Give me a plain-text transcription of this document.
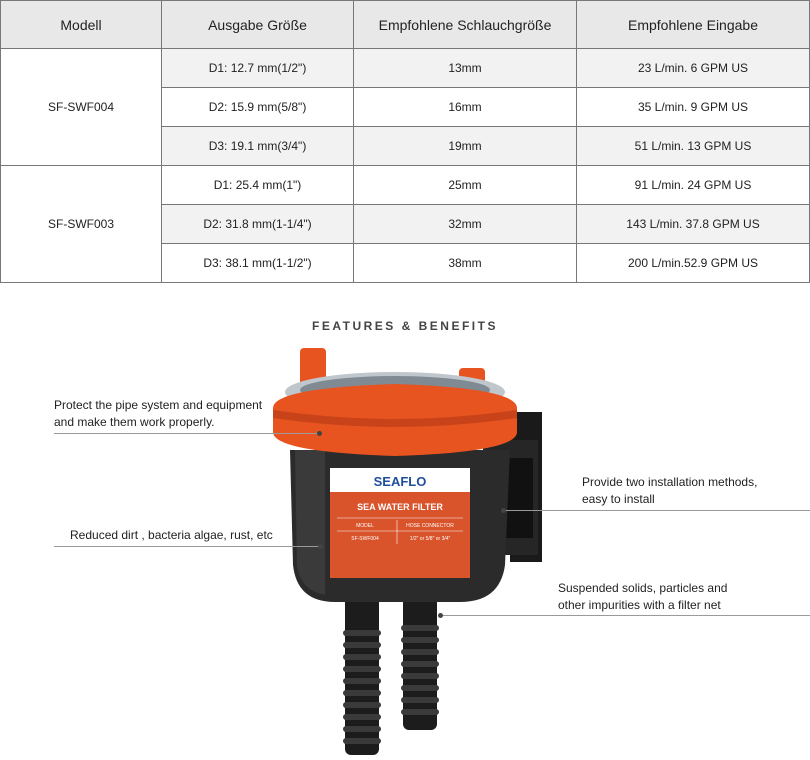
Modell	Ausgabe Größe	Empfohlene Schlauchgröße	Empfohlene Eingabe
SF-SWF004	D1: 12.7 mm(1/2")	13mm	23 L/min. 6 GPM US
	D2: 15.9 mm(5/8")	16mm	35 L/min. 9 GPM US
	D3: 19.1 mm(3/4")	19mm	51 L/min. 13 GPM US
SF-SWF003	D1: 25.4 mm(1")	25mm	91 L/min. 24 GPM US
	D2: 31.8 mm(1-1/4")	32mm	143 L/min. 37.8 GPM US
	D3: 38.1 mm(1-1/2")	38mm	200 L/min.52.9 GPM US
FEATURES & BENEFITS
SEAFLO
SEA WATER FILTER
MODEL	HOSE CONNECTOR
SF-SWF004	1/2" or 5/8" or 3/4"
Protect the pipe system and equipment
and make them work properly.
Reduced dirt , bacteria algae, rust, etc
Provide two installation methods,
easy to install
Suspended solids, particles and
other impurities with a filter net
